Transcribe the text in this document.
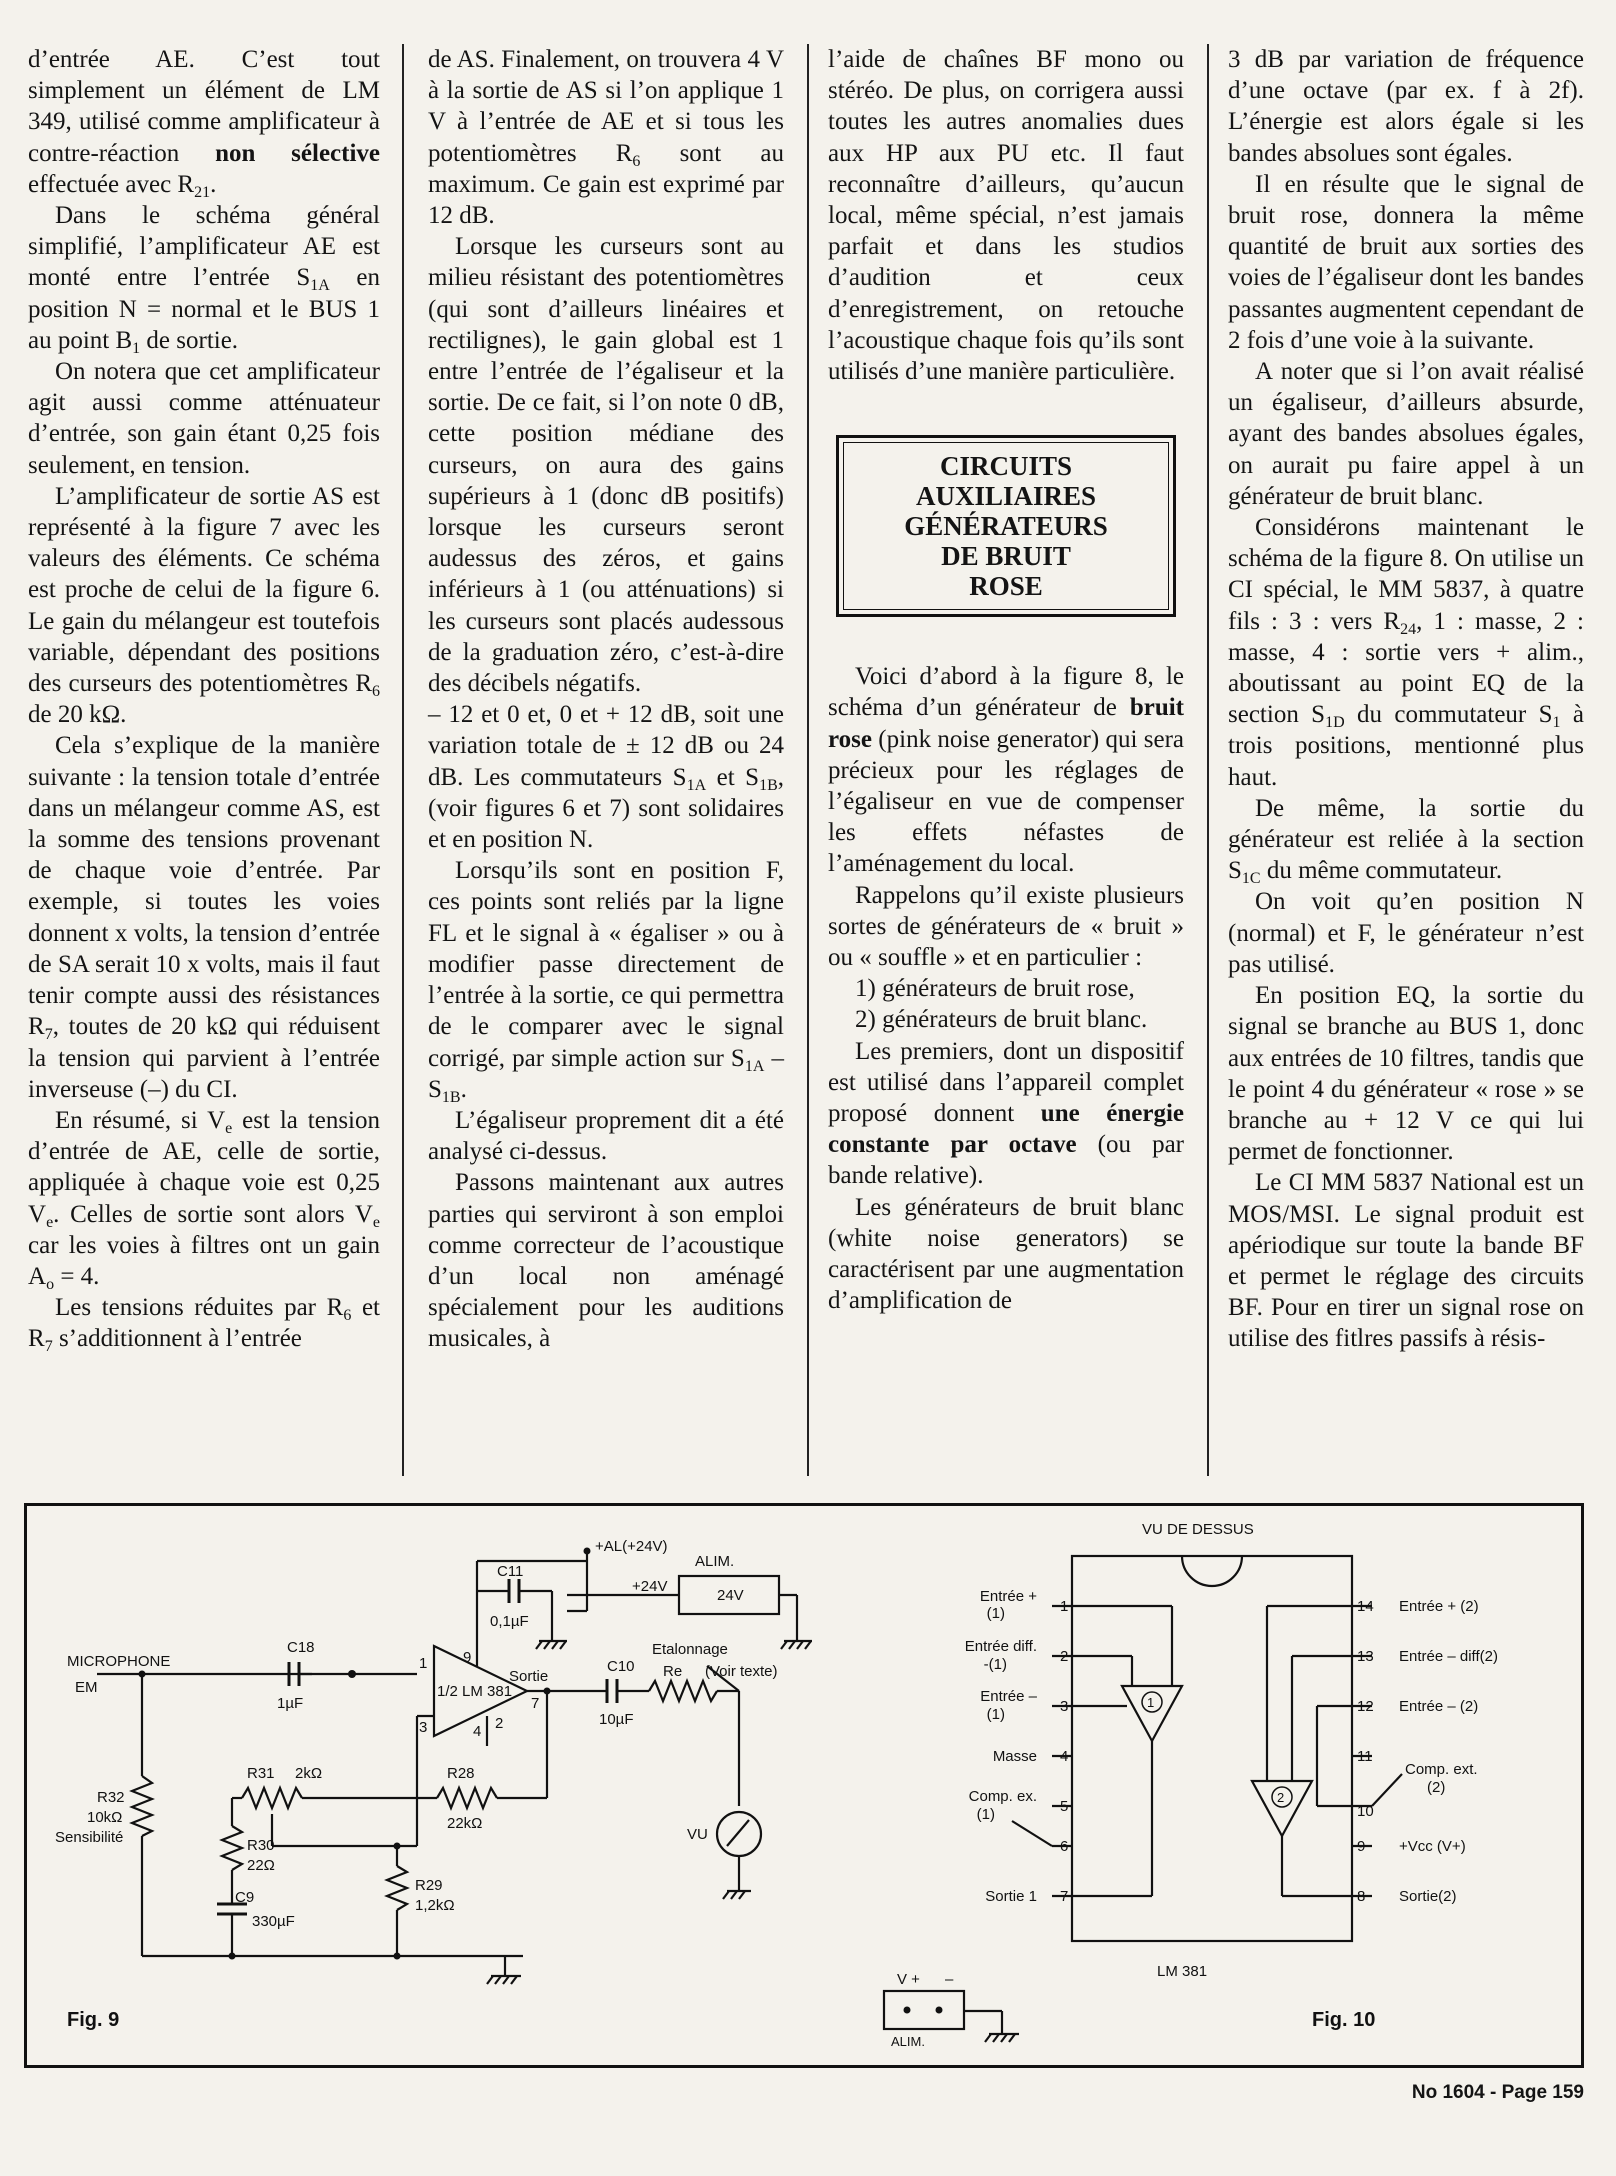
d’entrée AE. C’est tout simplement un élément de LM 349, utilisé comme amplificateur à contre-réaction non sélective effectuée avec $R_{21}$.

Dans le schéma général simplifié, l’amplificateur AE est monté entre l’entrée $S_{1A}$ en position N = normal et le BUS 1 au point $B_1$ de sortie.

On notera que cet amplificateur agit aussi comme atténuateur d’entrée, son gain étant 0,25 fois seulement, en tension.

L’amplificateur de sortie AS est représenté à la figure 7 avec les valeurs des éléments. Ce schéma est proche de celui de la figure 6. Le gain du mélangeur est toutefois variable, dépendant des positions des curseurs des potentiomètres $R_6$ de 20 kΩ.

Cela s’explique de la manière suivante : la tension totale d’entrée dans un mélangeur comme AS, est la somme des tensions provenant de chaque voie d’entrée. Par exemple, si toutes les voies donnent x volts, la tension d’entrée de SA serait 10 x volts, mais il faut tenir compte aussi des résistances $R_7$, toutes de 20 kΩ qui réduisent la tension qui parvient à l’entrée inverseuse (–) du CI.

En résumé, si $V_e$ est la tension d’entrée de AE, celle de sortie, appliquée à chaque voie est 0,25 $V_e$. Celles de sortie sont alors $V_e$ car les voies à filtres ont un gain $A_o = 4$.

Les tensions réduites par $R_6$ et $R_7$ s’additionnent à l’entrée

de AS. Finalement, on trouvera 4 V à la sortie de AS si l’on applique 1 V à l’entrée de AE et si tous les potentiomètres $R_6$ sont au maximum. Ce gain est exprimé par 12 dB.

Lorsque les curseurs sont au milieu résistant des potentiomètres (qui sont d’ailleurs linéaires et rectilignes), le gain global est 1 entre l’entrée de l’égaliseur et la sortie. De ce fait, si l’on note 0 dB, cette position médiane des curseurs, on aura des gains supérieurs à 1 (donc dB positifs) lorsque les curseurs seront audessus des zéros, et gains inférieurs à 1 (ou atténuations) si les curseurs sont placés audessous de la graduation zéro, c’est-à-dire des décibels négatifs.

– 12 et 0 et, 0 et + 12 dB, soit une variation totale de ± 12 dB ou 24 dB. Les commutateurs $S_{1A}$ et $S_{1B}$, (voir figures 6 et 7) sont solidaires et en position N.

Lorsqu’ils sont en position F, ces points sont reliés par la ligne FL et le signal à « égaliser » ou à modifier passe directement de l’entrée à la sortie, ce qui permettra de le comparer avec le signal corrigé, par simple action sur $S_{1A} - S_{1B}$.

L’égaliseur proprement dit a été analysé ci-dessus.

Passons maintenant aux autres parties qui serviront à son emploi comme correcteur de l’acoustique d’un local non aménagé spécialement pour les auditions musicales, à

l’aide de chaînes BF mono ou stéréo. De plus, on corrigera aussi toutes les autres anomalies dues aux HP aux PU etc. Il faut reconnaître d’ailleurs, qu’aucun local, même spécial, n’est jamais parfait et dans les studios d’audition et ceux d’enregistrement, on retouche l’acoustique chaque fois qu’ils sont utilisés d’une manière particulière.

CIRCUITS
AUXILIAIRES
GÉNÉRATEURS
DE BRUIT
ROSE

Voici d’abord à la figure 8, le schéma d’un générateur de bruit rose (pink noise generator) qui sera précieux pour les réglages de l’égaliseur en vue de compenser les effets néfastes de l’aménagement du local.

Rappelons qu’il existe plusieurs sortes de générateurs de « bruit » ou « souffle » et en particulier :

1) générateurs de bruit rose,

2) générateurs de bruit blanc.

Les premiers, dont un dispositif est utilisé dans l’appareil complet proposé donnent une énergie constante par octave (ou par bande relative).

Les générateurs de bruit blanc (white noise generators) se caractérisent par une augmentation d’amplification de

3 dB par variation de fréquence d’une octave (par ex. f à 2f). L’énergie est alors égale si les bandes absolues sont égales.

Il en résulte que le signal de bruit rose, donnera la même quantité de bruit aux sorties des voies de l’égaliseur dont les bandes passantes augmentent cependant de 2 fois d’une voie à la suivante.

A noter que si l’on avait réalisé un égaliseur, d’ailleurs absurde, ayant des bandes absolues égales, on aurait pu faire appel à un générateur de bruit blanc.

Considérons maintenant le schéma de la figure 8. On utilise un CI spécial, le MM 5837, à quatre fils : 3 : vers $R_{24}$, 1 : masse, 2 : masse, 4 : sortie vers + alim., aboutissant au point EQ de la section $S_{1D}$ du commutateur $S_1$ à trois positions, mentionné plus haut.

De même, la sortie du générateur est reliée à la section $S_{1C}$ du même commutateur.

On voit qu’en position N (normal) et F, le générateur n’est pas utilisé.

En position EQ, la sortie du signal se branche au BUS 1, donc aux entrées de 10 filtres, tandis que le point 4 du générateur « rose » se branche au + 12 V ce qui lui permet de fonctionner.

Le CI MM 5837 National est un MOS/MSI. Le signal produit est apériodique sur toute la bande BF et permet le réglage des circuits BF. Pour en tirer un signal rose on utilise des fitlres passifs à résis-

MICROPHONE
EM
C18
1µF
C11
0,1µF
+AL(+24V)
ALIM.
24V
+24V
1/2 LM 381
Sortie
C10
10µF
Etalonnage
Re (Voir texte)
VU
R32
10kΩ
Sensibilité
R31 2kΩ	R28
22kΩ
R30
22Ω
R29
1,2kΩ
C9
330µF
1
2
3	4
7
9
Fig. 9
VU DE DESSUS
LM 381
ALIM.
V + –
Entrée +
(1)	1
Entrée diff.
-(1)	2
Entrée –
(1)	3
Masse 4
Comp. ex.
(1)	5
6
Sortie 1 7
14 Entrée + (2)
13 Entrée – diff(2)
12 Entrée – (2)
11
Comp. ext.
10
(2)
9 +Vcc (V+)
8 Sortie(2)
1
2
Fig. 10
No 1604 - Page 159
